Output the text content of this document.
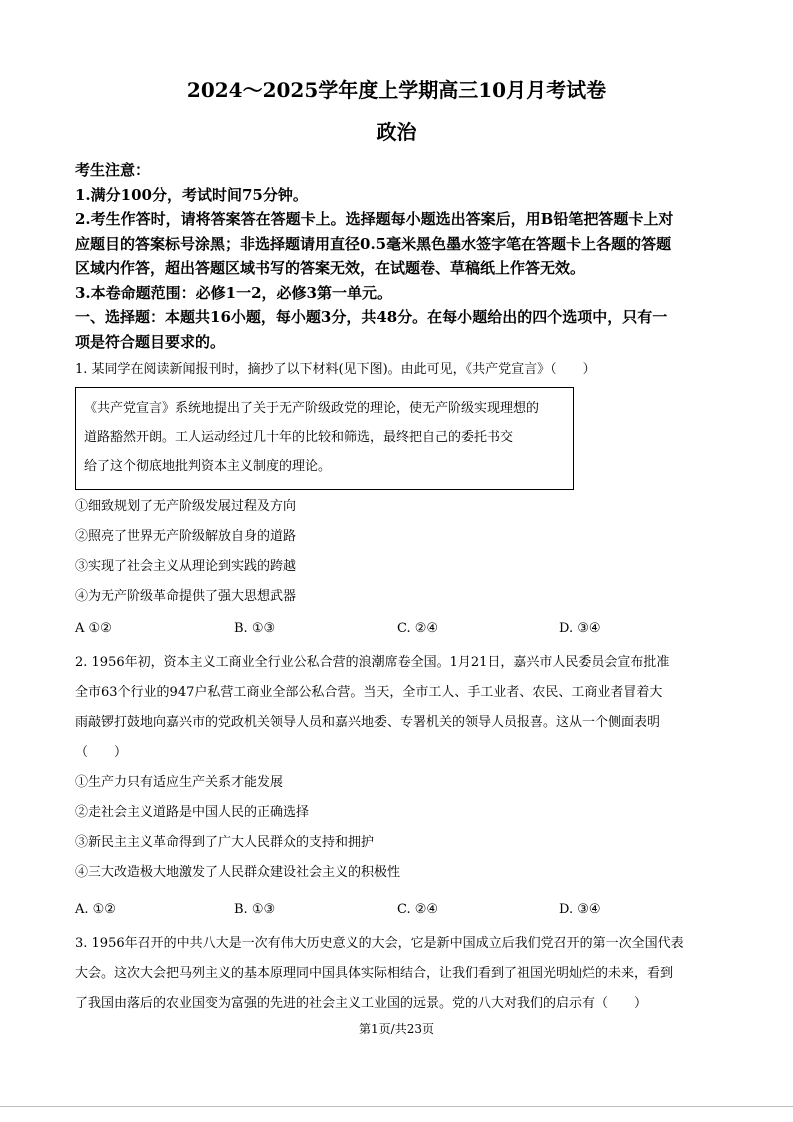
2024～2025学年度上学期高三10月月考试卷
政治
考生注意：
1.满分100分，考试时间75分钟。
2.考生作答时，请将答案答在答题卡上。选择题每小题选出答案后，用B铅笔把答题卡上对
应题目的答案标号涂黑；非选择题请用直径0.5毫米黑色墨水签字笔在答题卡上各题的答题
区域内作答，超出答题区域书写的答案无效，在试题卷、草稿纸上作答无效。
3.本卷命题范围：必修1一2，必修3第一单元。
一、选择题：本题共16小题，每小题3分，共48分。在每小题给出的四个选项中，只有一
项是符合题目要求的。
1. 某同学在阅读新闻报刊时，摘抄了以下材料(见下图)。由此可见，《共产党宣言》（　　）
《共产党宣言》系统地提出了关于无产阶级政党的理论，使无产阶级实现理想的
道路豁然开朗。工人运动经过几十年的比较和筛选，最终把自己的委托书交
给了这个彻底地批判资本主义制度的理论。
①细致规划了无产阶级发展过程及方向
②照亮了世界无产阶级解放自身的道路
③实现了社会主义从理论到实践的跨越
④为无产阶级革命提供了强大思想武器
A ①②	B. ①③	C. ②④	D. ③④
2. 1956年初，资本主义工商业全行业公私合营的浪潮席卷全国。1月21日，嘉兴市人民委员会宣布批准
全市63个行业的947户私营工商业全部公私合营。当天，全市工人、手工业者、农民、工商业者冒着大
雨敲锣打鼓地向嘉兴市的党政机关领导人员和嘉兴地委、专署机关的领导人员报喜。这从一个侧面表明
（　　）
①生产力只有适应生产关系才能发展
②走社会主义道路是中国人民的正确选择
③新民主主义革命得到了广大人民群众的支持和拥护
④三大改造极大地激发了人民群众建设社会主义的积极性
A. ①②	B. ①③	C. ②④	D. ③④
3. 1956年召开的中共八大是一次有伟大历史意义的大会，它是新中国成立后我们党召开的第一次全国代表
大会。这次大会把马列主义的基本原理同中国具体实际相结合，让我们看到了祖国光明灿烂的未来，看到
了我国由落后的农业国变为富强的先进的社会主义工业国的远景。党的八大对我们的启示有（　　）
第1页/共23页
